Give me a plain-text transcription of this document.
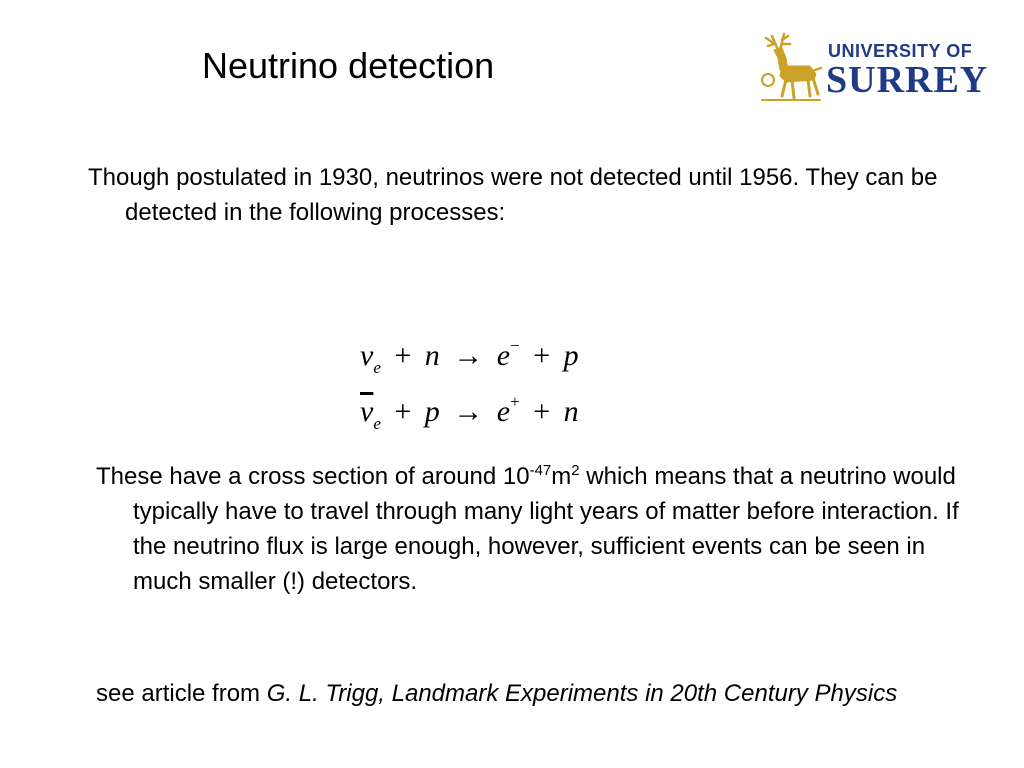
Neutrino detection	UNIVERSITY OF
SURREY

Though postulated in 1930, neutrinos were not detected until 1956. They can be detected in the following processes:

$\nu_e + n \to e^- + p$
$\overline{\nu}_e + p \to e^+ + n$

These have a cross section of around $10^{-47}m^2$ which means that a neutrino would typically have to travel through many light years of matter before interaction. If the neutrino flux is large enough, however, sufficient events can be seen in much smaller (!) detectors.

see article from G. L. Trigg, Landmark Experiments in 20th Century Physics
